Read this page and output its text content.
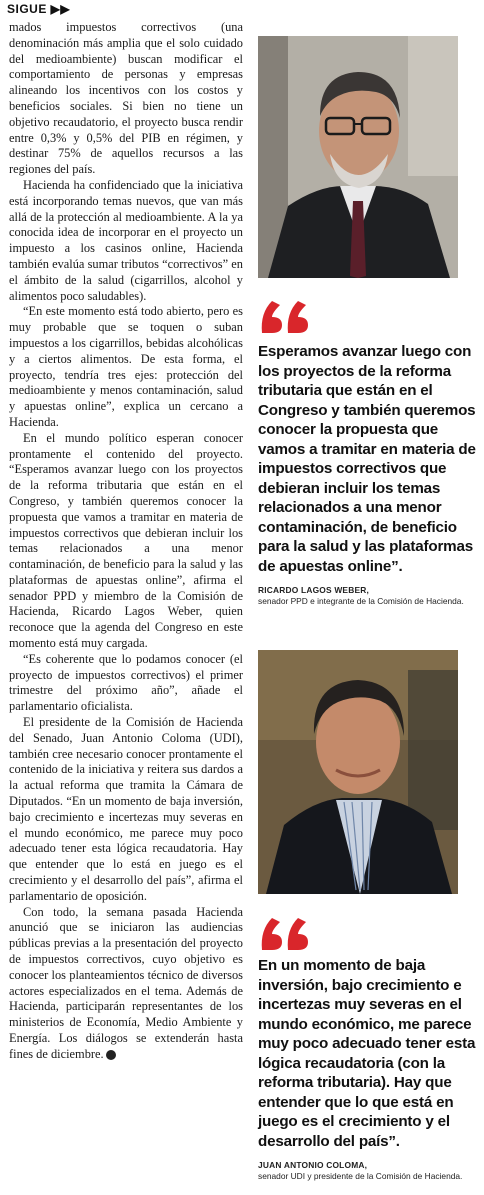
SIGUE ▶▶

mados impuestos correctivos (una denominación más amplia que el solo cuidado del medioambiente) buscan modificar el comportamiento de personas y empresas alineando los incentivos con los costos y beneficios sociales. Si bien no tiene un objetivo recaudatorio, el proyecto busca rendir entre 0,3% y 0,5% del PIB en régimen, y destinar 75% de aquellos recursos a las regiones del país.

Hacienda ha confidenciado que la iniciativa está incorporando temas nuevos, que van más allá de la protección al medioambiente. A la ya conocida idea de incorporar en el proyecto un impuesto a los casinos online, Hacienda también evalúa sumar tributos “correctivos” en el ámbito de la salud (cigarrillos, alcohol y alimentos poco saludables).

“En este momento está todo abierto, pero es muy probable que se toquen o suban impuestos a los cigarrillos, bebidas alcohólicas y a ciertos alimentos. De esta forma, el proyecto, tendría tres ejes: protección del medioambiente y menos contaminación, salud y apuestas online”, explica un cercano a Hacienda.

En el mundo político esperan conocer prontamente el contenido del proyecto. “Esperamos avanzar luego con los proyectos de la reforma tributaria que están en el Congreso, y también queremos conocer la propuesta que vamos a tramitar en materia de impuestos correctivos que debieran incluir los temas relacionados a una menor contaminación, de beneficio para la salud y las plataformas de apuestas online”, afirma el senador PPD y miembro de la Comisión de Hacienda, Ricardo Lagos Weber, quien reconoce que la agenda del Congreso en este momento está muy cargada.

“Es coherente que lo podamos conocer (el proyecto de impuestos correctivos) el primer trimestre del próximo año”, añade el parlamentario oficialista.

El presidente de la Comisión de Hacienda del Senado, Juan Antonio Coloma (UDI), también cree necesario conocer prontamente el contenido de la iniciativa y reitera sus dardos a la actual reforma que tramita la Cámara de Diputados. “En un momento de baja inversión, bajo crecimiento e incertezas muy severas en el mundo económico, me parece muy poco adecuado tener esta lógica recaudatoria. Hay que entender que lo está en juego es el crecimiento y el desarrollo del país”, afirma el parlamentario de oposición.

Con todo, la semana pasada Hacienda anunció que se iniciaron las audiencias públicas previas a la presentación del proyecto de impuestos correctivos, cuyo objetivo es conocer los planteamientos técnico de diversos actores especializados en el tema. Además de Hacienda, participarán representantes de los ministerios de Economía, Medio Ambiente y Energía. Los diálogos se extenderán hasta fines de diciembre. P

Esperamos avanzar luego con los proyectos de la reforma tributaria que están en el Congreso y también queremos conocer la propuesta que vamos a tramitar en materia de impuestos correctivos que debieran incluir los temas relacionados a una menor contaminación, de beneficio para la salud y las plataformas de apuestas online”.
RICARDO LAGOS WEBER,
senador PPD e integrante de la Comisión de Hacienda.
En un momento de baja inversión, bajo crecimiento e incertezas muy severas en el mundo económico, me parece muy poco adecuado tener esta lógica recaudatoria (con la reforma tributaria). Hay que entender que lo que está en juego es el crecimiento y el desarrollo del país”.
JUAN ANTONIO COLOMA,
senador UDI y presidente de la Comisión de Hacienda.
